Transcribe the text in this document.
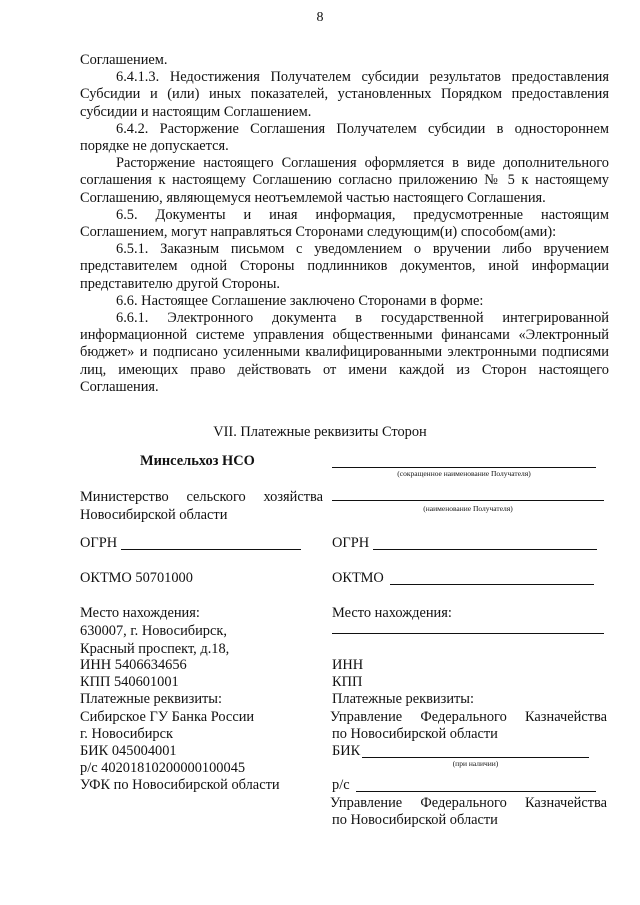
8

Соглашением.

6.4.1.3. Недостижения Получателем субсидии результатов предоставления Субсидии и (или) иных показателей, установленных Порядком предоставления субсидии и настоящим Соглашением.

6.4.2. Расторжение Соглашения Получателем субсидии в одностороннем порядке не допускается.

Расторжение настоящего Соглашения оформляется в виде дополнительного соглашения к настоящему Соглашению согласно приложению № 5 к настоящему Соглашению, являющемуся неотъемлемой частью настоящего Соглашения.

6.5. Документы и иная информация, предусмотренные настоящим Соглашением, могут направляться Сторонами следующим(и) способом(ами):

6.5.1. Заказным письмом с уведомлением о вручении либо вручением представителем одной Стороны подлинников документов, иной информации представителю другой Стороны.

6.6. Настоящее Соглашение заключено Сторонами в форме:

6.6.1. Электронного документа в государственной интегрированной информационной системе управления общественными финансами «Электронный бюджет» и подписано усиленными квалифицированными электронными подписями лиц, имеющих право действовать от имени каждой из Сторон настоящего Соглашения.

VII. Платежные реквизиты Сторон
Минсельхоз НСО
Министерство сельского хозяйства
Новосибирской области
ОГРН
ОКТМО 50701000
Место нахождения:
630007, г. Новосибирск,
Красный проспект, д.18,
ИНН 5406634656
КПП 540601001
Платежные реквизиты:
Сибирское ГУ Банка России
г. Новосибирск
БИК 045004001
р/с 40201810200000100045
УФК по Новосибирской области
(сокращенное наименование Получателя)
(наименование Получателя)
ОГРН
ОКТМО
Место нахождения:
ИНН
КПП
Платежные реквизиты:
Управление Федерального Казначейства
по Новосибирской области
БИК
(при наличии)
р/с
Управление Федерального Казначейства
по Новосибирской области
